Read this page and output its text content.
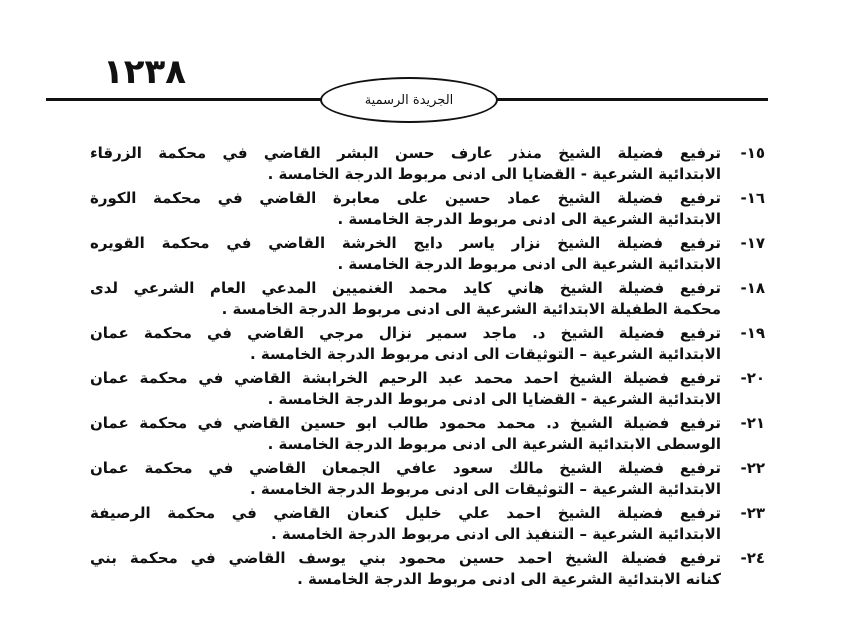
١٢٣٨
الجريدة الرسمية
١٥-
ترفيع فضيلة الشيخ منذر عارف حسن البشر القاضي في محكمة الزرقاء
الابتدائية الشرعية - القضايا الى ادنى مربوط الدرجة الخامسة .
١٦-
ترفيع فضيلة الشيخ عماد حسين على معابرة القاضي في محكمة الكورة
الابتدائية الشرعية الى ادنى مربوط الدرجة الخامسة .
١٧-
ترفيع فضيلة الشيخ نزار ياسر دايج الخرشة القاضي في محكمة القويره
الابتدائية الشرعية الى ادنى مربوط الدرجة الخامسة .
١٨-
ترفيع فضيلة الشيخ هاني كايد محمد الغنميين المدعي العام الشرعي لدى
محكمة الطفيلة الابتدائية الشرعية الى ادنى مربوط الدرجة الخامسة .
١٩-
ترفيع فضيلة الشيخ د. ماجد سمير نزال مرجي القاضي في محكمة عمان
الابتدائية الشرعية – التوثيقات الى ادنى مربوط الدرجة الخامسة .
٢٠-
ترفيع فضيلة الشيخ احمد محمد عبد الرحيم الخرابشة القاضي في محكمة عمان
الابتدائية الشرعية - القضايا الى ادنى مربوط الدرجة الخامسة .
٢١-
ترفيع فضيلة الشيخ د. محمد محمود طالب ابو حسين القاضي في محكمة عمان
الوسطى الابتدائية الشرعية الى ادنى مربوط الدرجة الخامسة .
٢٢-
ترفيع فضيلة الشيخ مالك سعود عافي الجمعان القاضي في محكمة عمان
الابتدائية الشرعية – التوثيقات الى ادنى مربوط الدرجة الخامسة .
٢٣-
ترفيع فضيلة الشيخ احمد علي خليل كنعان القاضي في محكمة الرصيفة
الابتدائية الشرعية – التنفيذ الى ادنى مربوط الدرجة الخامسة .
٢٤-
ترفيع فضيلة الشيخ احمد حسين محمود بني يوسف القاضي في محكمة بني
كنانه الابتدائية الشرعية الى ادنى مربوط الدرجة الخامسة .
